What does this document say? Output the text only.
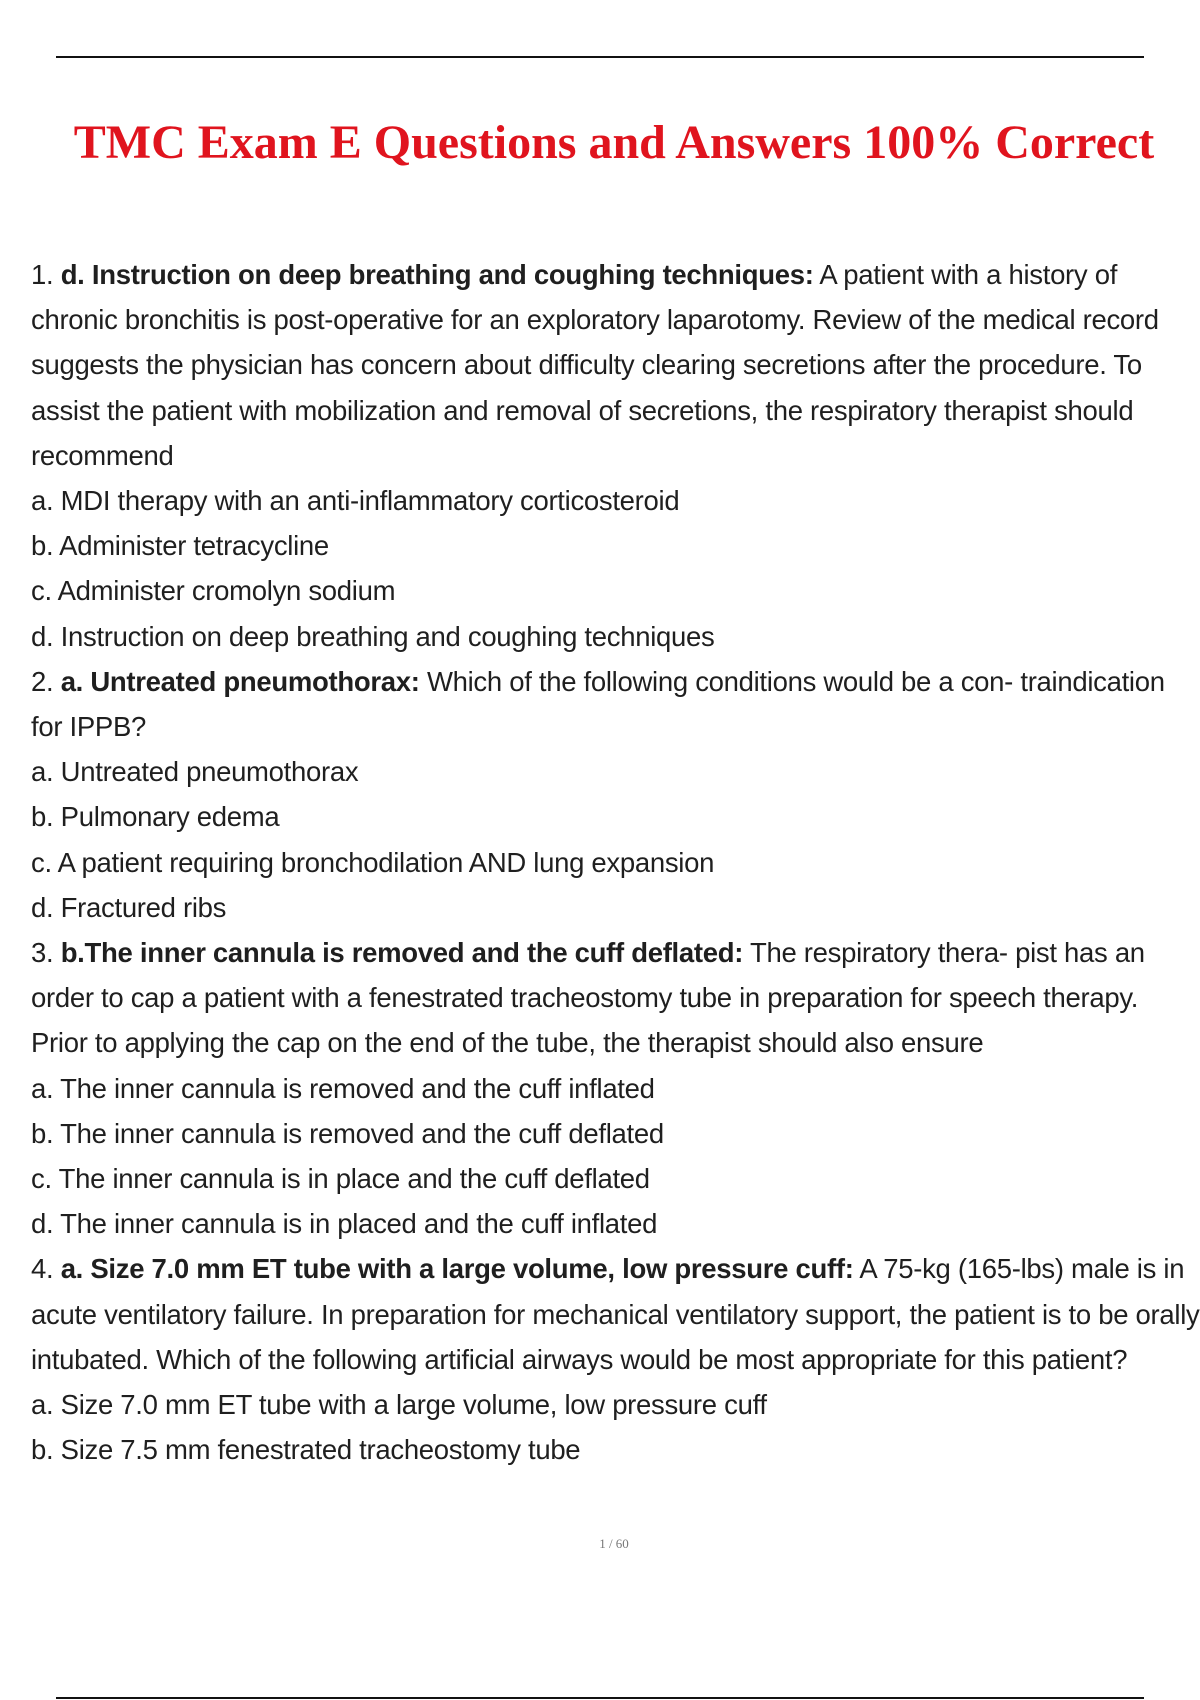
TMC Exam E Questions and Answers 100% Correct

1. d. Instruction on deep breathing and coughing techniques: A patient with a history of chronic bronchitis is post-operative for an exploratory laparotomy. Review of the medical record suggests the physician has concern about difficulty clearing secretions after the procedure. To assist the patient with mobilization and removal of secretions, the respiratory therapist should recommend

a. MDI therapy with an anti-inflammatory corticosteroid

b. Administer tetracycline

c. Administer cromolyn sodium

d. Instruction on deep breathing and coughing techniques

2. a. Untreated pneumothorax: Which of the following conditions would be a con- traindication for IPPB?

a. Untreated pneumothorax

b. Pulmonary edema

c. A patient requiring bronchodilation AND lung expansion

d. Fractured ribs

3. b.The inner cannula is removed and the cuff deflated: The respiratory thera- pist has an order to cap a patient with a fenestrated tracheostomy tube in preparation for speech therapy. Prior to applying the cap on the end of the tube, the therapist should also ensure

a. The inner cannula is removed and the cuff inflated

b. The inner cannula is removed and the cuff deflated

c. The inner cannula is in place and the cuff deflated

d. The inner cannula is in placed and the cuff inflated

4. a. Size 7.0 mm ET tube with a large volume, low pressure cuff: A 75-kg (165-lbs) male is in acute ventilatory failure. In preparation for mechanical ventilatory support, the patient is to be orally intubated. Which of the following artificial airways would be most appropriate for this patient?

a. Size 7.0 mm ET tube with a large volume, low pressure cuff

b. Size 7.5 mm fenestrated tracheostomy tube

1 / 60
